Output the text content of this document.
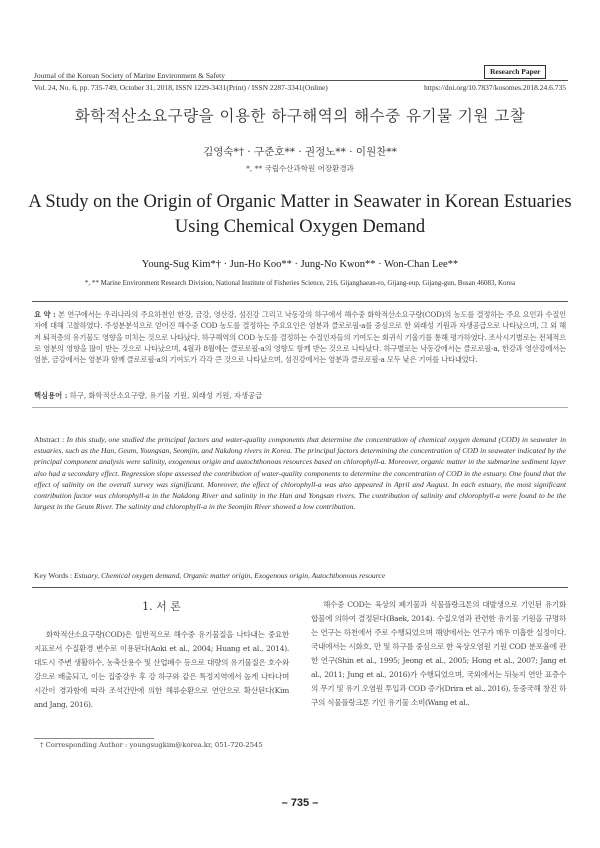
Journal of the Korean Society of Marine Environment & Safety	Research Paper
Vol. 24, No. 6, pp. 735-749, October 31, 2018, ISSN 1229-3431(Print) / ISSN 2287-3341(Online)	https://doi.org/10.7837/kosomes.2018.24.6.735
화학적산소요구량을 이용한 하구해역의 해수중 유기물 기원 고찰
김영숙*† · 구준호** · 권정노** · 이원찬**
*, ** 국립수산과학원 어장환경과
A Study on the Origin of Organic Matter in Seawater in Korean Estuaries
Using Chemical Oxygen Demand
Young-Sug Kim*† · Jun-Ho Koo** · Jung-No Kwon** · Won-Chan Lee**
*, ** Marine Environment Research Division, National Institute of Fisheries Science, 216, Gijanghaean-ro, Gijang-eup, Gijang-gun, Busan 46083, Korea
요 약 : 본 연구에서는 우리나라의 주요하천인 한강, 금강, 영산강, 섬진강 그리고 낙동강의 하구에서 해수중 화학적산소요구량(COD)의 농도를 결정하는 주요 요인과 수질인자에 대해 고찰하였다. 주성분분석으로 얻어진 해수중 COD 농도를 결정하는 주요요인은 염분과 클로로필-a를 중심으로 한 외래성 기원과 자생공급으로 나타났으며, 그 외 해저 퇴적층의 유기물도 영향을 미치는 것으로 나타났다. 하구해역의 COD 농도를 결정하는 수질인자들의 기여도는 회귀식 기울기를 통해 평가하였다. 조사시기별로는 전체적으로 염분의 영향을 많이 받는 것으로 나타났으며, 4월과 8월에는 클로로필-a의 영향도 함께 받는 것으로 나타났다. 하구별로는 낙동강에서는 클로로필-a, 한강과 영산강에서는 염분, 금강에서는 염분과 함께 클로로필-a의 기여도가 각각 큰 것으로 나타났으며, 섬진강에서는 염분과 클로로필-a 모두 낮은 기여를 나타내었다.
핵심용어 : 하구, 화학적산소요구량, 유기물 기원, 외래성 기원, 자생공급
Abstract : In this study, one studied the principal factors and water-quality components that determine the concentration of chemical oxygen demand (COD) in seawater in estuaries, such as the Han, Geum, Youngsan, Seomjin, and Nakdong rivers in Korea. The principal factors determining the concentration of COD in seawater indicated by the principal component analysis were salinity, exogenous origin and autochthonous resources based on chlorophyll-a. Moreover, organic matter in the submarine sediment layer also had a secondary effect. Regression slope assessed the contribution of water-quality components to determine the concentration of COD in the estuary. One found that the effect of salinity on the overall survey was significant. Moreover, the effect of chlorophyll-a was also appeared in April and August. In each estuary, the most significant contribution factor was chlorophyll-a in the Nakdong River and salinity in the Han and Yongsan rivers. The contribution of salinity and chlorophyll-a were found to be the largest in the Geum River. The salinity and chlorophyll-a in the Seomjin River showed a low contribution.
Key Words : Estuary, Chemical oxygen demand, Organic matter origin, Exogenous origin, Autochthonous resource
1. 서 론
화학적산소요구량(COD)은 일반적으로 해수중 유기물질을 나타내는 중요한 지표로서 수질환경 변수로 이용된다(Aoki et al., 2004; Huang et al., 2014). 대도시 주변 생활하수, 농축산용수 및 산업폐수 등으로 대량의 유기물질은 호수와 강으로 배출되고, 이는 집중강우 후 강 하구와 같은 특정지역에서 높게 나타나며 시간이 경과함에 따라 조석간만에 의한 해류순환으로 연안으로 확산된다(Kim and Jang, 2016).
해수중 COD는 육상의 폐기물과 식물플랑크톤의 대발생으로 기인된 유기화합물에 의하여 결정된다(Baek, 2014). 수질오염과 관련한 유기물 기원을 규명하는 연구는 하천에서 주로 수행되었으며 해양에서는 연구가 매우 미흡한 실정이다. 국내에서는 시화호, 만 및 하구를 중심으로 한 육상오염원 기원 COD 분포율에 관한 연구(Shin et al., 1995; Jeong et al., 2005; Hong et al., 2007; Jang et al., 2011; Jung et al., 2016)가 수행되었으며, 국외에서는 뒤늦지 연안 표층수의 무기 및 유기 오염원 투입과 COD 증가(Drira et al., 2016), 동중국해 창진 하구의 식물플랑크톤 기인 유기물 소비(Wang et al.,
† Corresponding Author : youngsugkim@korea.kr, 051-720-2545
– 735 –
